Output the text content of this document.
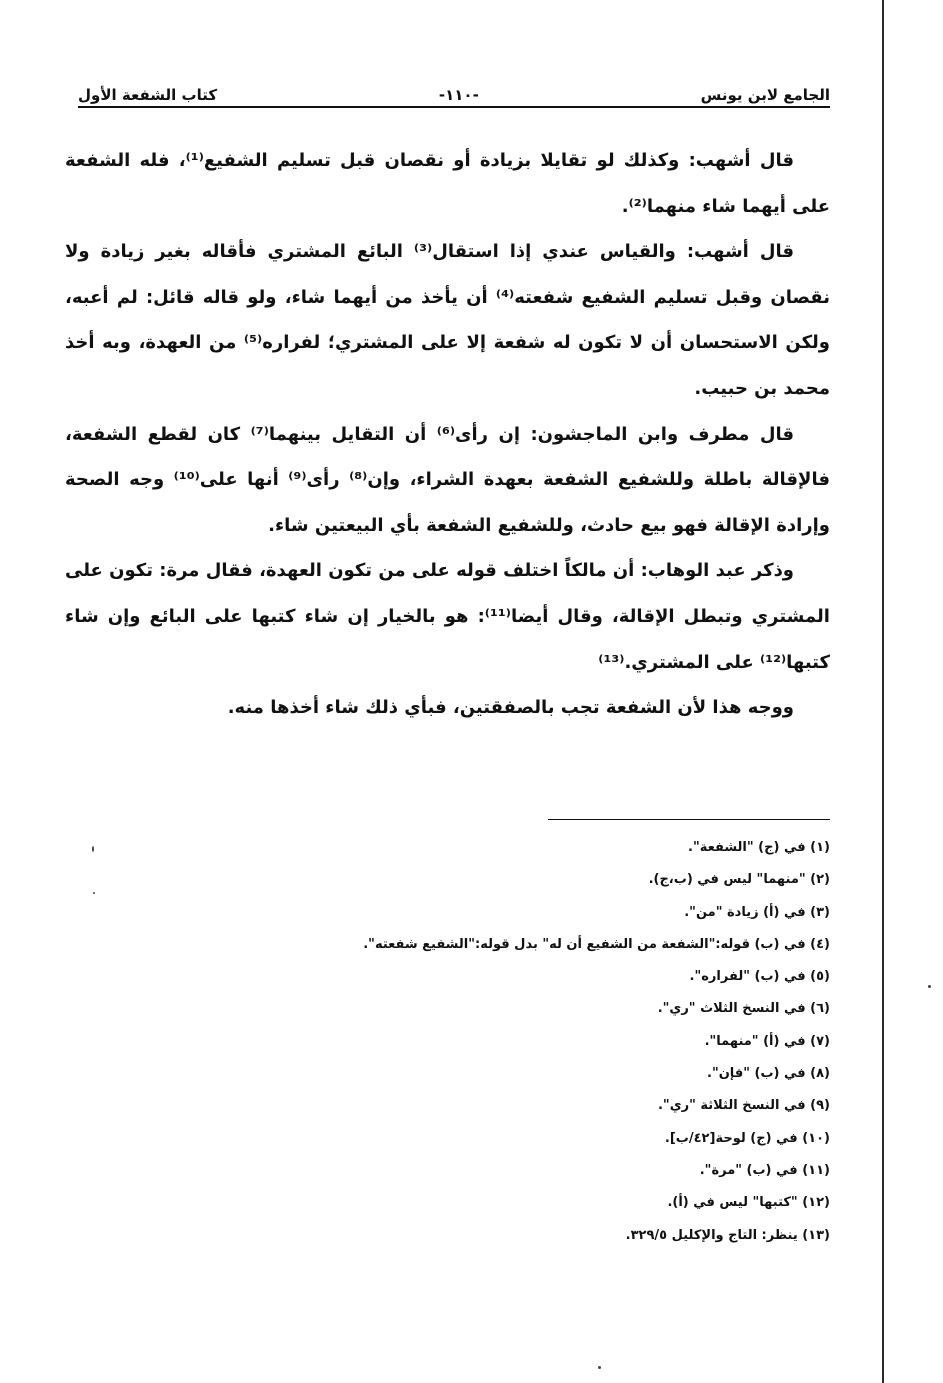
الجامع لابن يونس
-١١٠-
كتاب الشفعة الأول

قال أشهب: وكذلك لو تقايلا بزيادة أو نقصان قبل تسليم الشفيع⁽¹⁾، فله الشفعة على أيهما شاء منهما⁽²⁾.

قال أشهب: والقياس عندي إذا استقال⁽³⁾ البائع المشتري فأقاله بغير زيادة ولا نقصان وقبل تسليم الشفيع شفعته⁽⁴⁾ أن يأخذ من أيهما شاء، ولو قاله قائل: لم أعبه، ولكن الاستحسان أن لا تكون له شفعة إلا على المشتري؛ لفراره⁽⁵⁾ من العهدة، وبه أخذ محمد بن حبيب.

قال مطرف وابن الماجشون: إن رأى⁽⁶⁾ أن التقايل بينهما⁽⁷⁾ كان لقطع الشفعة، فالإقالة باطلة وللشفيع الشفعة بعهدة الشراء، وإن⁽⁸⁾ رأى⁽⁹⁾ أنها على⁽¹⁰⁾ وجه الصحة وإرادة الإقالة فهو بيع حادث، وللشفيع الشفعة بأي البيعتين شاء.

وذكر عبد الوهاب: أن مالكاً اختلف قوله على من تكون العهدة، فقال مرة: تكون على المشتري وتبطل الإقالة، وقال أيضا⁽¹¹⁾: هو بالخيار إن شاء كتبها على البائع وإن شاء كتبها⁽¹²⁾ على المشتري.⁽¹³⁾

ووجه هذا لأن الشفعة تجب بالصفقتين، فبأي ذلك شاء أخذها منه.

(١) في (ج) "الشفعة".

(٢) "منهما" ليس في (ب،ج).

(٣) في (أ) زيادة "من".

(٤) في (ب) قوله:"الشفعة من الشفيع أن له" بدل قوله:"الشفيع شفعته".

(٥) في (ب) "لفراره".

(٦) في النسخ الثلاث "ري".

(٧) في (أ) "منهما".

(٨) في (ب) "فإن".

(٩) في النسخ الثلاثة "ري".

(١٠) في (ج) لوحة[٤٢/ب].

(١١) في (ب) "مرة".

(١٢) "كتبها" ليس في (أ).

(١٣) ينظر: التاج والإكليل ٣٢٩/٥.
